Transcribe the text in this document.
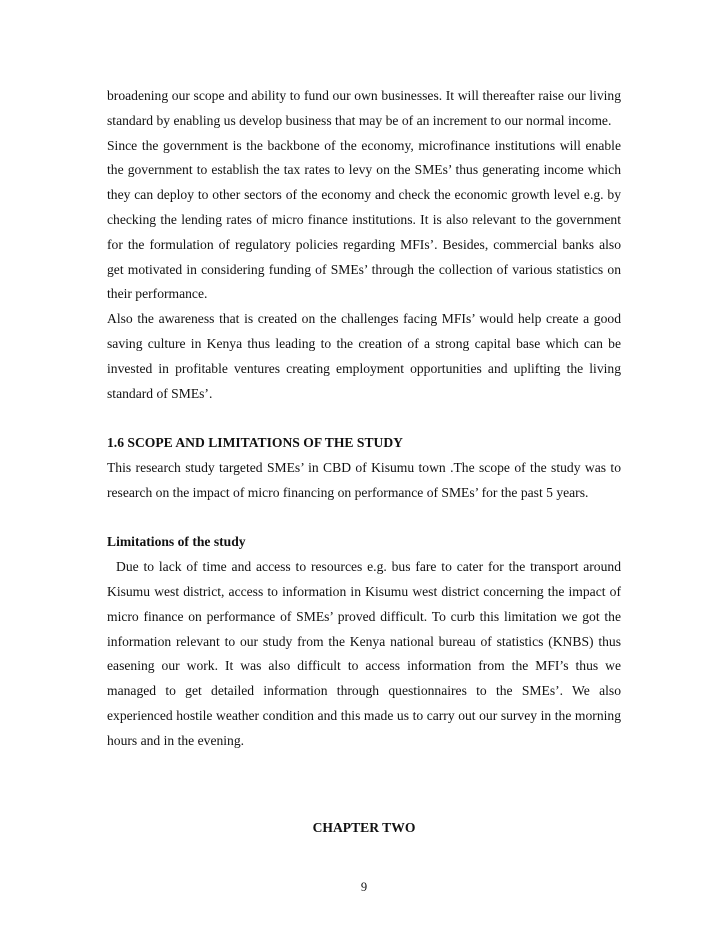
broadening our scope and ability to fund our own businesses. It will thereafter raise our living standard by enabling us develop business that may be of an increment to our normal income.

Since the government is the backbone of the economy, microfinance institutions will enable the government to establish the tax rates to levy on the SMEs’ thus generating income which they can deploy to other sectors of the economy and check the economic growth level e.g. by checking the lending rates of micro finance institutions. It is also relevant to the government for the formulation of regulatory policies regarding MFIs’. Besides, commercial banks also get motivated in considering funding of SMEs’ through the collection of various statistics on their performance.

Also the awareness that is created on the challenges facing MFIs’ would help create a good saving culture in Kenya thus leading to the creation of a strong capital base which can be invested in profitable ventures creating employment opportunities and uplifting the living standard of SMEs’.

1.6 SCOPE AND LIMITATIONS OF THE STUDY

This research study targeted SMEs’ in CBD of Kisumu town .The scope of the study was to research on the impact of micro financing on performance of SMEs’ for the past 5 years.

Limitations of the study

Due to lack of time and access to resources e.g. bus fare to cater for the transport around Kisumu west district, access to information in Kisumu west district concerning the impact of micro finance on performance of SMEs’ proved difficult. To curb this limitation we got the information relevant to our study from the Kenya national bureau of statistics (KNBS) thus easening our work. It was also difficult to access information from the MFI’s thus we managed to get detailed information through questionnaires to the SMEs’. We also experienced hostile weather condition and this made us to carry out our survey in the morning hours and in the evening.

CHAPTER TWO
9
